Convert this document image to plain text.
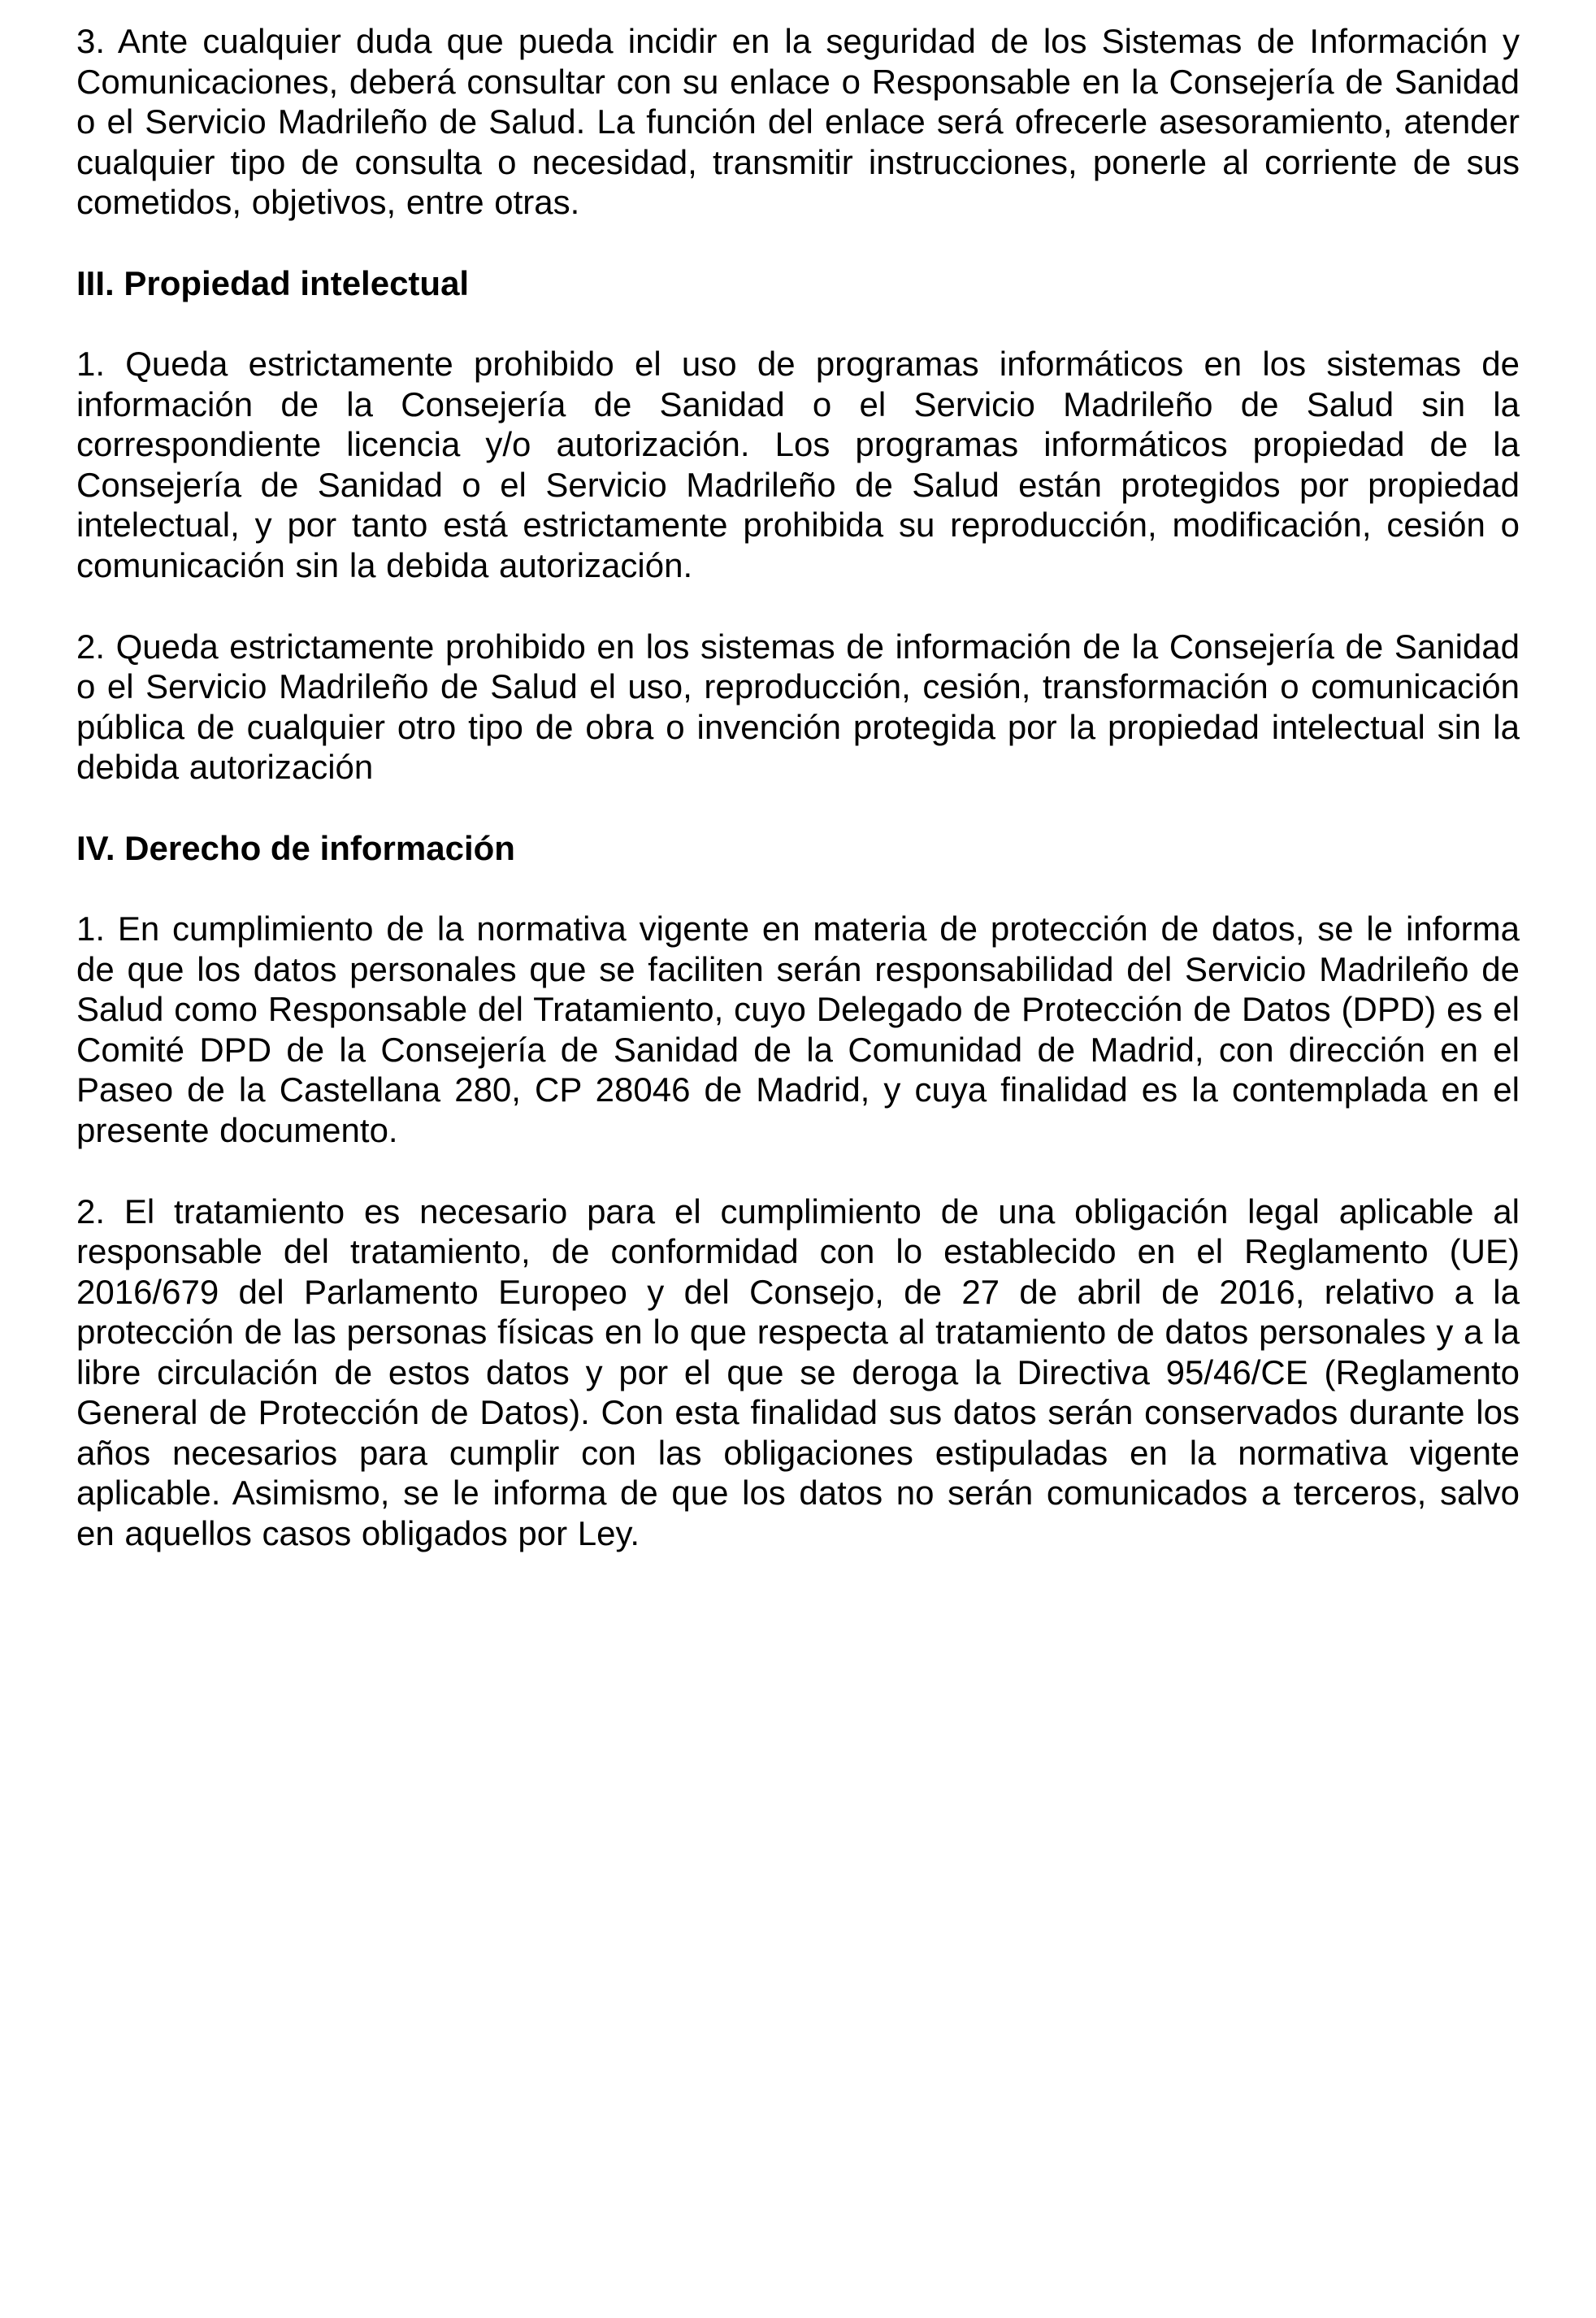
3. Ante cualquier duda que pueda incidir en la seguridad de los Sistemas de Información y Comunicaciones, deberá consultar con su enlace o Responsable en la Consejería de Sanidad o el Servicio Madrileño de Salud. La función del enlace será ofrecerle asesoramiento, atender cualquier tipo de consulta o necesidad, transmitir instrucciones, ponerle al corriente de sus cometidos, objetivos, entre otras.

III. Propiedad intelectual

1. Queda estrictamente prohibido el uso de programas informáticos en los sistemas de información de la Consejería de Sanidad o el Servicio Madrileño de Salud sin la correspondiente licencia y/o autorización. Los programas informáticos propiedad de la Consejería de Sanidad o el Servicio Madrileño de Salud están protegidos por propiedad intelectual, y por tanto está estrictamente prohibida su reproducción, modificación, cesión o comunicación sin la debida autorización.

2. Queda estrictamente prohibido en los sistemas de información de la Consejería de Sanidad o el Servicio Madrileño de Salud el uso, reproducción, cesión, transformación o comunicación pública de cualquier otro tipo de obra o invención protegida por la propiedad intelectual sin la debida autorización

IV. Derecho de información

1. En cumplimiento de la normativa vigente en materia de protección de datos, se le informa de que los datos personales que se faciliten serán responsabilidad del Servicio Madrileño de Salud como Responsable del Tratamiento, cuyo Delegado de Protección de Datos (DPD) es el Comité DPD de la Consejería de Sanidad de la Comunidad de Madrid, con dirección en el Paseo de la Castellana 280, CP 28046 de Madrid, y cuya finalidad es la contemplada en el presente documento.

2. El tratamiento es necesario para el cumplimiento de una obligación legal aplicable al responsable del tratamiento, de conformidad con lo establecido en el Reglamento (UE) 2016/679 del Parlamento Europeo y del Consejo, de 27 de abril de 2016, relativo a la protección de las personas físicas en lo que respecta al tratamiento de datos personales y a la libre circulación de estos datos y por el que se deroga la Directiva 95/46/CE (Reglamento General de Protección de Datos). Con esta finalidad sus datos serán conservados durante los años necesarios para cumplir con las obligaciones estipuladas en la normativa vigente aplicable. Asimismo, se le informa de que los datos no serán comunicados a terceros, salvo en aquellos casos obligados por Ley.
